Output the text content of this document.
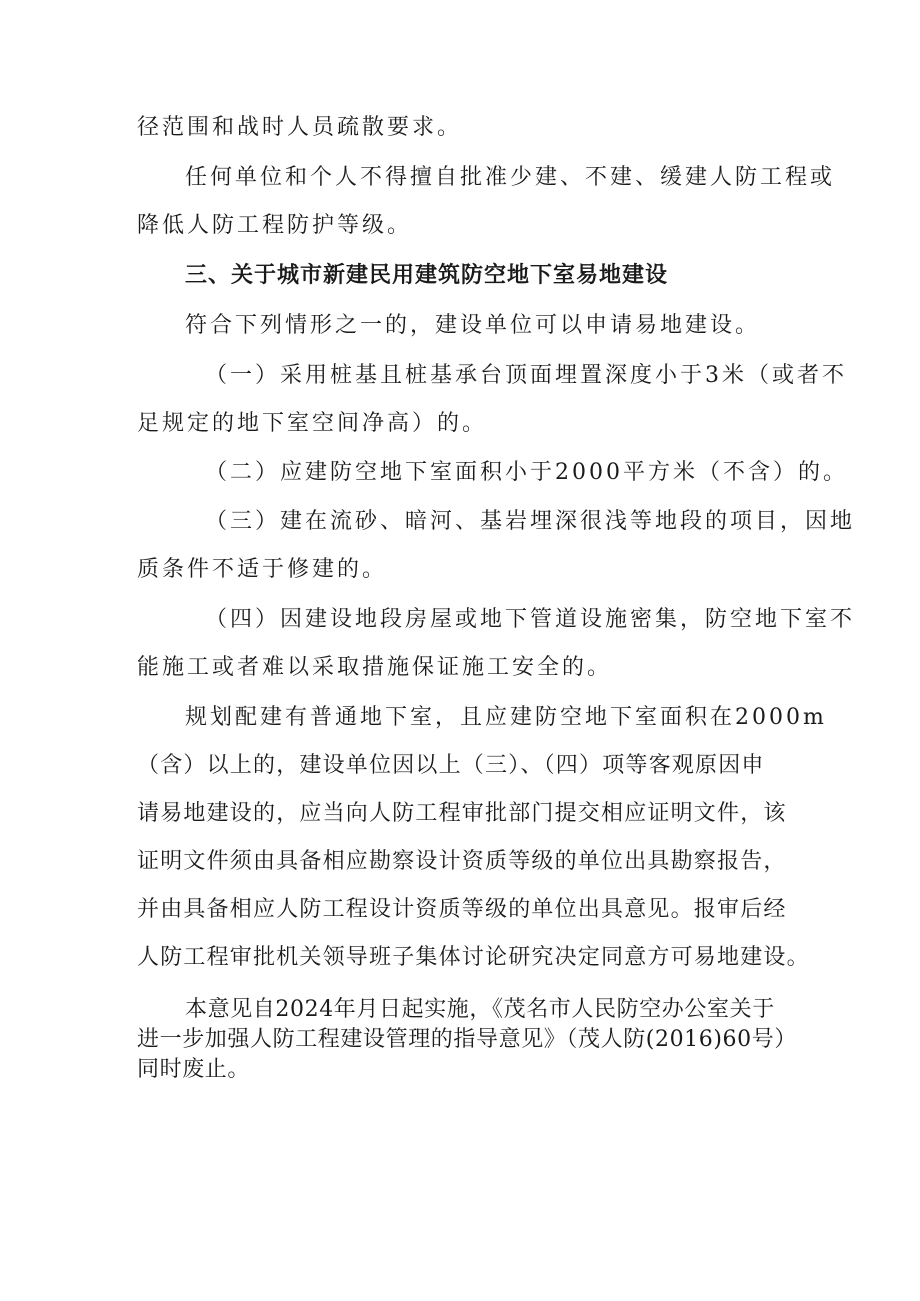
径范围和战时人员疏散要求。
任何单位和个人不得擅自批准少建、不建、缓建人防工程或
降低人防工程防护等级。
三、关于城市新建民用建筑防空地下室易地建设
符合下列情形之一的，建设单位可以申请易地建设。
（一）采用桩基且桩基承台顶面埋置深度小于3米（或者不
足规定的地下室空间净高）的。
（二）应建防空地下室面积小于2000平方米（不含）的。
（三）建在流砂、暗河、基岩埋深很浅等地段的项目，因地
质条件不适于修建的。
（四）因建设地段房屋或地下管道设施密集，防空地下室不
能施工或者难以采取措施保证施工安全的。
规划配建有普通地下室，且应建防空地下室面积在2000m
（含）以上的，建设单位因以上（三）、（四）项等客观原因申
请易地建设的，应当向人防工程审批部门提交相应证明文件，该
证明文件须由具备相应勘察设计资质等级的单位出具勘察报告，
并由具备相应人防工程设计资质等级的单位出具意见。报审后经
人防工程审批机关领导班子集体讨论研究决定同意方可易地建设。
本意见自2024年月日起实施，《茂名市人民防空办公室关于
进一步加强人防工程建设管理的指导意见》（茂人防(2016)60号）
同时废止。
